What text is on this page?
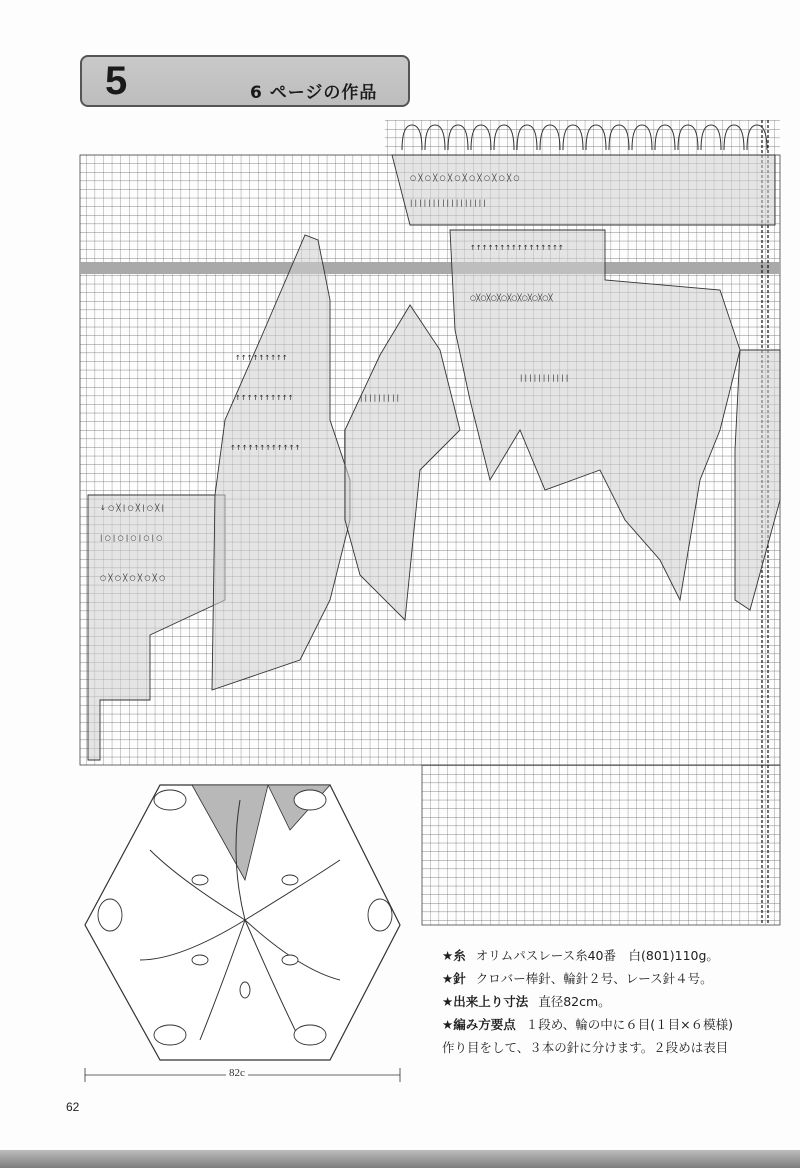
5	6 ページの作品
↓ ○ ╳ | ○ ╳ | ○ ╳ |
| ○ | ○ | ○ | ○ | ○
○ ╳ ○ ╳ ○ ╳ ○ ╳ ○
↑↑↑↑↑↑↑↑↑
↑↑↑↑↑↑↑↑↑↑
↑↑↑↑↑↑↑↑↑↑↑↑
| | | | | | | | |
↑↑↑↑↑↑↑↑↑↑↑↑↑↑↑↑
○╳○╳○╳○╳○╳○╳○╳○╳
| | | | | | | | | | |
○ ╳ ○ ╳ ○ ╳ ○ ╳ ○ ╳ ○ ╳ ○ ╳ ○
| | | | | | | | | | | | | | | | |
82c
★糸 オリムパスレース糸40番　白(801)110g。
★針 クロバー棒針、輪針２号、レース針４号。
★出来上り寸法 直径82cm。
★編み方要点 １段め、輪の中に６目(１目×６模様)
作り目をして、３本の針に分けます。２段めは表目
62
